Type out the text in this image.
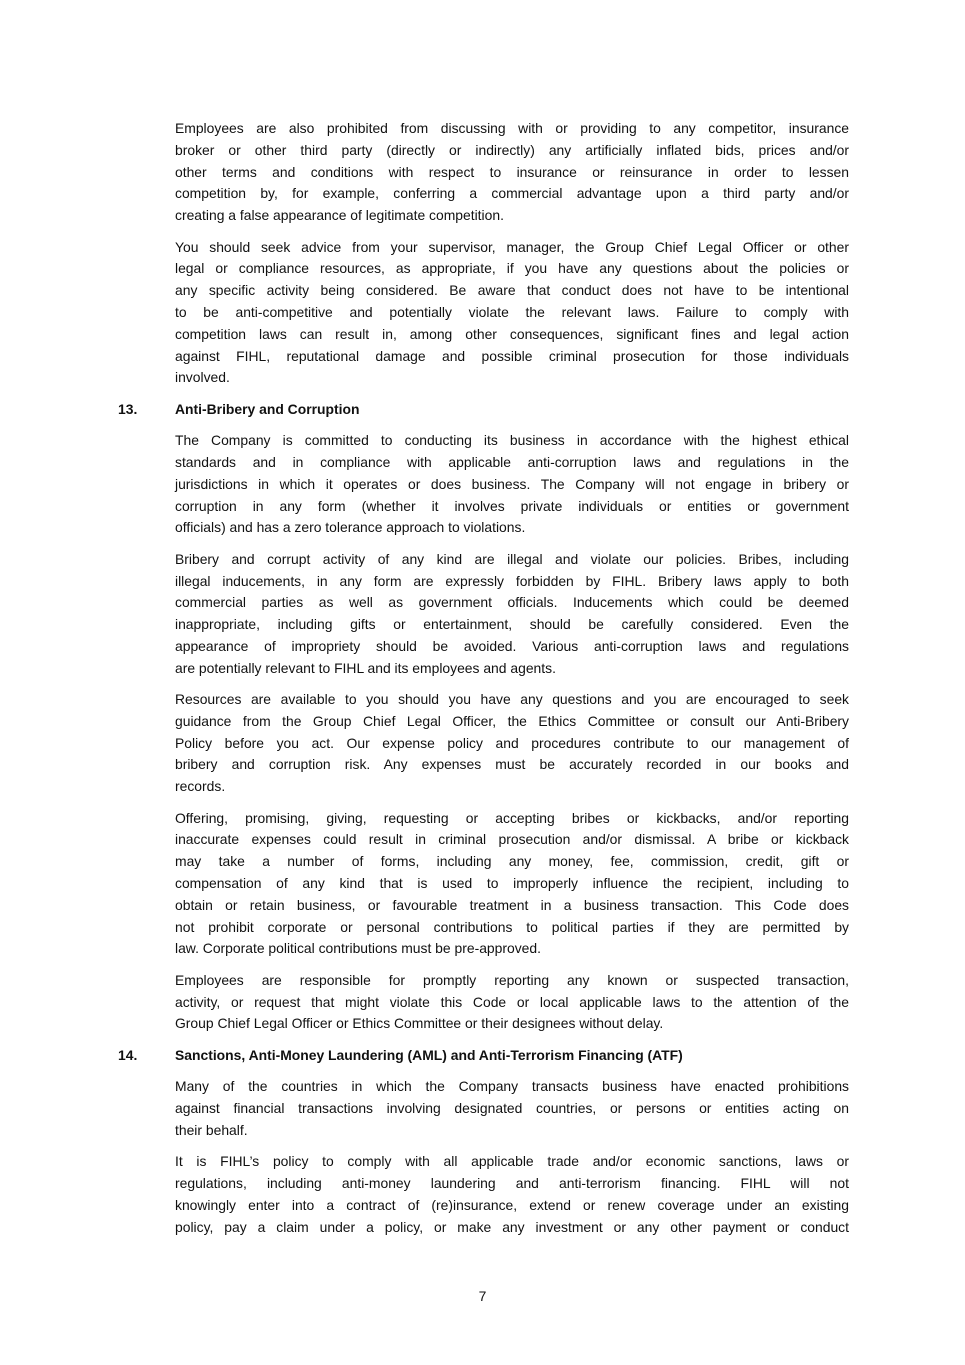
Employees are also prohibited from discussing with or providing to any competitor, insurance
broker or other third party (directly or indirectly) any artificially inflated bids, prices and/or
other terms and conditions with respect to insurance or reinsurance in order to lessen
competition by, for example, conferring a commercial advantage upon a third party and/or
creating a false appearance of legitimate competition.
You should seek advice from your supervisor, manager, the Group Chief Legal Officer or other
legal or compliance resources, as appropriate, if you have any questions about the policies or
any specific activity being considered. Be aware that conduct does not have to be intentional
to be anti-competitive and potentially violate the relevant laws. Failure to comply with
competition laws can result in, among other consequences, significant fines and legal action
against FIHL, reputational damage and possible criminal prosecution for those individuals
involved.
13.	Anti-Bribery and Corruption
The Company is committed to conducting its business in accordance with the highest ethical
standards and in compliance with applicable anti-corruption laws and regulations in the
jurisdictions in which it operates or does business. The Company will not engage in bribery or
corruption in any form (whether it involves private individuals or entities or government
officials) and has a zero tolerance approach to violations.
Bribery and corrupt activity of any kind are illegal and violate our policies. Bribes, including
illegal inducements, in any form are expressly forbidden by FIHL. Bribery laws apply to both
commercial parties as well as government officials. Inducements which could be deemed
inappropriate, including gifts or entertainment, should be carefully considered. Even the
appearance of impropriety should be avoided. Various anti-corruption laws and regulations
are potentially relevant to FIHL and its employees and agents.
Resources are available to you should you have any questions and you are encouraged to seek
guidance from the Group Chief Legal Officer, the Ethics Committee or consult our Anti-Bribery
Policy before you act. Our expense policy and procedures contribute to our management of
bribery and corruption risk. Any expenses must be accurately recorded in our books and
records.
Offering, promising, giving, requesting or accepting bribes or kickbacks, and/or reporting
inaccurate expenses could result in criminal prosecution and/or dismissal. A bribe or kickback
may take a number of forms, including any money, fee, commission, credit, gift or
compensation of any kind that is used to improperly influence the recipient, including to
obtain or retain business, or favourable treatment in a business transaction. This Code does
not prohibit corporate or personal contributions to political parties if they are permitted by
law. Corporate political contributions must be pre-approved.
Employees are responsible for promptly reporting any known or suspected transaction,
activity, or request that might violate this Code or local applicable laws to the attention of the
Group Chief Legal Officer or Ethics Committee or their designees without delay.
14.	Sanctions, Anti-Money Laundering (AML) and Anti-Terrorism Financing (ATF)
Many of the countries in which the Company transacts business have enacted prohibitions
against financial transactions involving designated countries, or persons or entities acting on
their behalf.
It is FIHL’s policy to comply with all applicable trade and/or economic sanctions, laws or
regulations, including anti-money laundering and anti-terrorism financing. FIHL will not
knowingly enter into a contract of (re)insurance, extend or renew coverage under an existing
policy, pay a claim under a policy, or make any investment or any other payment or conduct
7
